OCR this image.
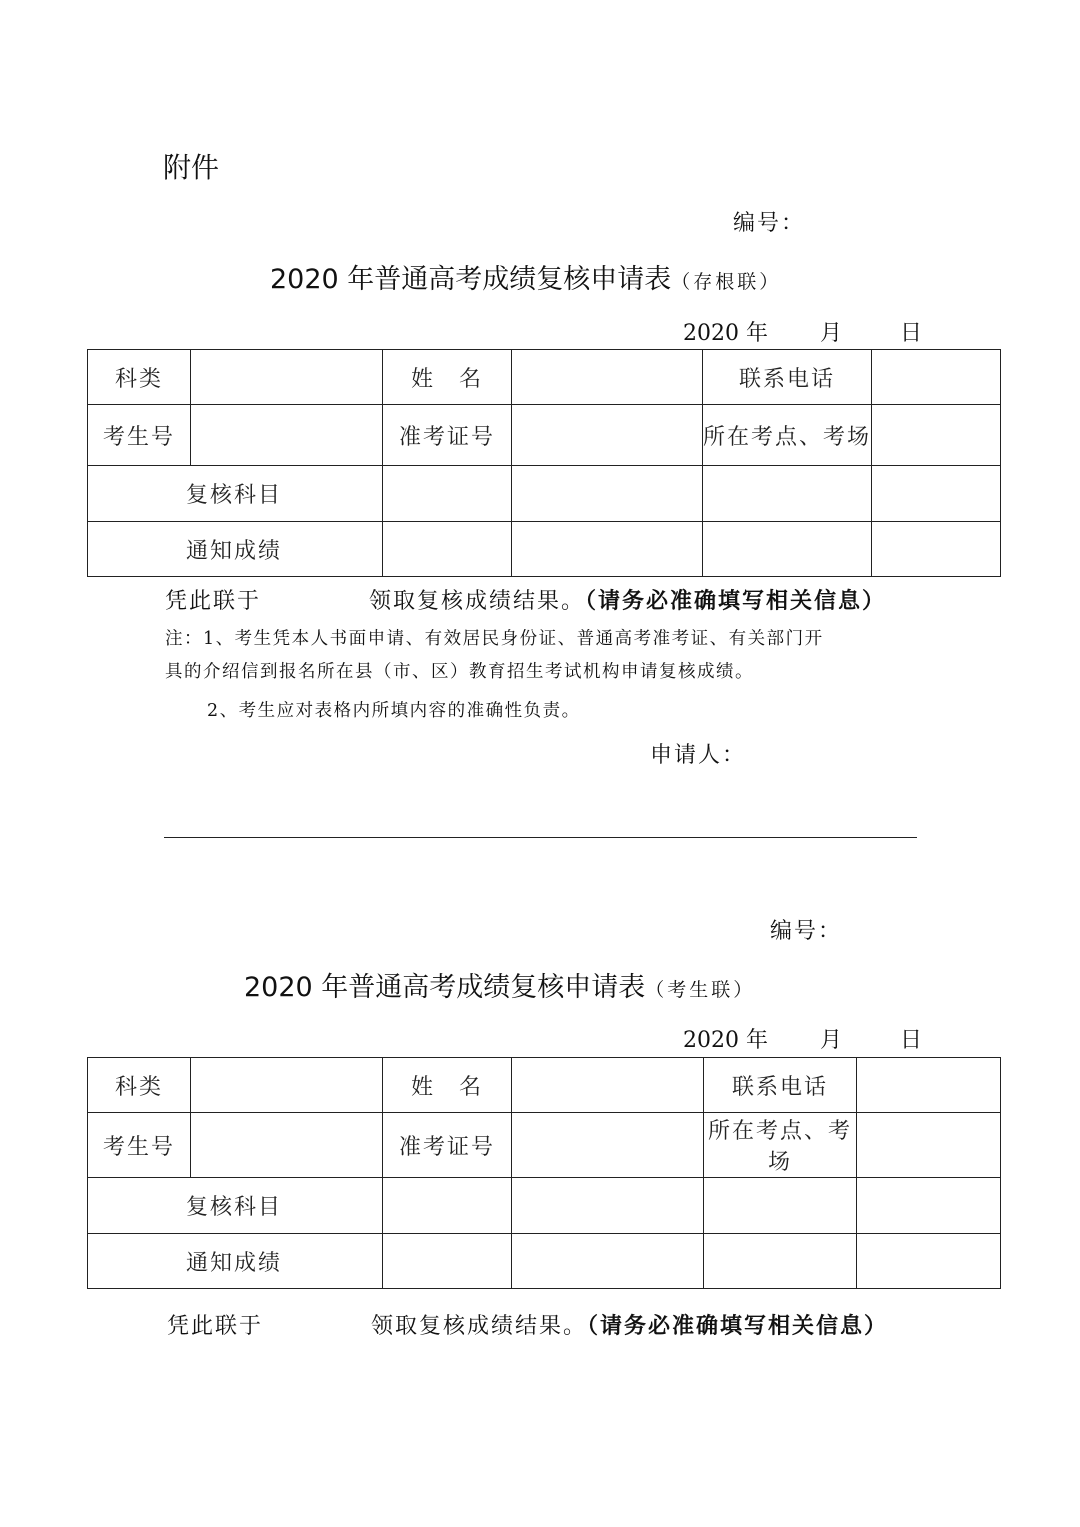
附件
编号：
2020 年普通高考成绩复核申请表（存根联）
2020 年 月	日
科类		姓　名		联系电话	
考生号		准考证号		所在考点、考场	
复核科目					
通知成绩					
凭此联于	领取复核成绩结果。（请务必准确填写相关信息）
注：1、考生凭本人书面申请、有效居民身份证、普通高考准考证、有关部门开
具的介绍信到报名所在县（市、区）教育招生考试机构申请复核成绩。
2、考生应对表格内所填内容的准确性负责。
申请人：
编号：
2020 年普通高考成绩复核申请表（考生联）
2020 年 月	日
科类		姓　名		联系电话	
考生号		准考证号		所在考点、考场	
复核科目					
通知成绩					
凭此联于	领取复核成绩结果。（请务必准确填写相关信息）
